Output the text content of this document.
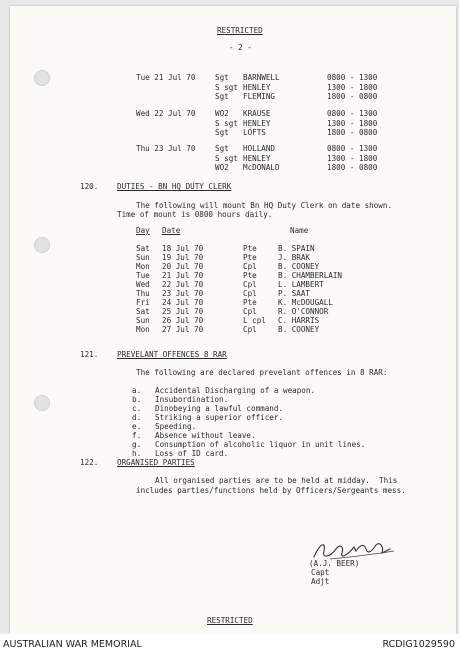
RESTRICTED
- 2 -
Tue 21 Jul 70	Sgt BARNWELL	0800 - 1300
S sgt HENLEY	1300 - 1800
Sgt FLEMING	1800 - 0800
Wed 22 Jul 70	WO2 KRAUSE	0800 - 1300
S sgt HENLEY	1300 - 1800
Sgt LOFTS	1800 - 0800
Thu 23 Jul 70	Sgt HOLLAND	0800 - 1300
S sgt HENLEY	1300 - 1800
WO2 McDONALD	1800 - 0800
120. DUTIES - BN HQ DUTY CLERK
The following will mount Bn HQ Duty Clerk on date shown.
Time of mount is 0800 hours daily.
Day Date	Name
Sat 18 Jul 70	Pte	B. SPAIN
Sun 19 Jul 70	Pte	J. BRAK
Mon 20 Jul 70	Cpl	B. COONEY
Tue 21 Jul 70	Pte	B. CHAMBERLAIN
Wed 22 Jul 70	Cpl	L. LAMBERT
Thu 23 Jul 70	Cpl	P. SAAT
Fri 24 Jul 70	Pte	K. McDOUGALL
Sat 25 Jul 70	Cpl	R. O'CONNOR
Sun 26 Jul 70	L cpl C. HARRIS
Mon 27 Jul 70	Cpl	B. COONEY
121. PREVELANT OFFENCES 8 RAR
The following are declared prevelant offences in 8 RAR:
a. Accidental Discharging of a weapon.
b. Insubordination.
c. Dinobeying a lawful command.
d. Striking a superior officer.
e. Speeding.
f. Absence without leave.
g. Consumption of alcoholic liquor in unit lines.
h. Loss of ID card.
122. ORGANISED PARTIES
All organised parties are to be held at midday.  This
includes parties/functions held by Officers/Sergeants mess.
(A.J. BEER)
Capt
Adjt
RESTRICTED
AUSTRALIAN WAR MEMORIAL	RCDIG1029590
